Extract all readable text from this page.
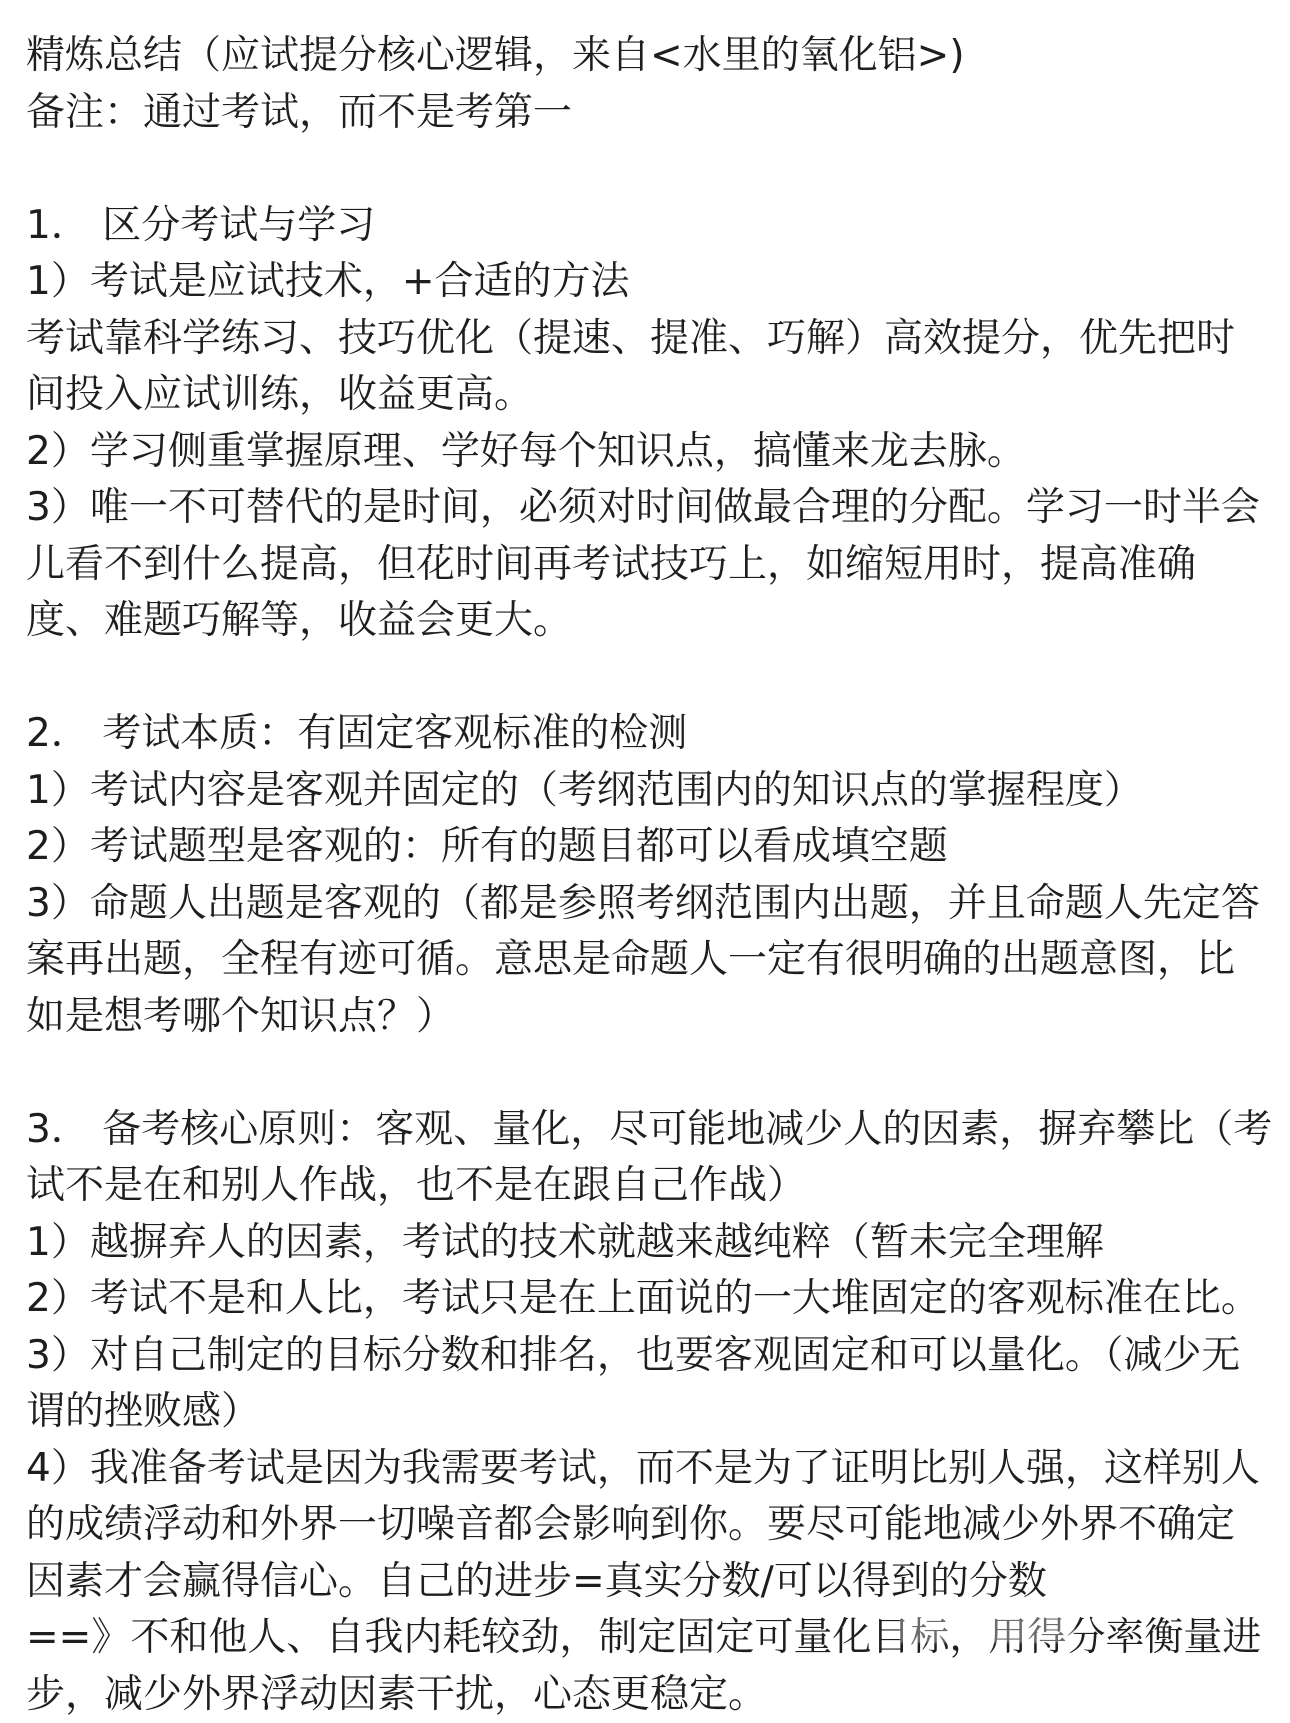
精炼总结（应试提分核心逻辑，来自<水里的氧化铝>)
备注：通过考试，而不是考第一
1． 区分考试与学习
1）考试是应试技术，+合适的方法
考试靠科学练习、技巧优化（提速、提准、巧解）高效提分，优先把时
间投入应试训练，收益更高。
2）学习侧重掌握原理、学好每个知识点，搞懂来龙去脉。
3）唯一不可替代的是时间，必须对时间做最合理的分配。学习一时半会
儿看不到什么提高，但花时间再考试技巧上，如缩短用时，提高准确
度、难题巧解等，收益会更大。
2． 考试本质：有固定客观标准的检测
1）考试内容是客观并固定的（考纲范围内的知识点的掌握程度）
2）考试题型是客观的：所有的题目都可以看成填空题
3）命题人出题是客观的（都是参照考纲范围内出题，并且命题人先定答
案再出题，全程有迹可循。意思是命题人一定有很明确的出题意图，比
如是想考哪个知识点？）
3． 备考核心原则：客观、量化，尽可能地减少人的因素，摒弃攀比（考
试不是在和别人作战，也不是在跟自己作战）
1）越摒弃人的因素，考试的技术就越来越纯粹（暂未完全理解
2）考试不是和人比，考试只是在上面说的一大堆固定的客观标准在比。
3）对自己制定的目标分数和排名，也要客观固定和可以量化。（减少无
谓的挫败感）
4）我准备考试是因为我需要考试，而不是为了证明比别人强，这样别人
的成绩浮动和外界一切噪音都会影响到你。要尽可能地减少外界不确定
因素才会赢得信心。自己的进步=真实分数/可以得到的分数
==》不和他人、自我内耗较劲，制定固定可量化目标，用得分率衡量进
步，减少外界浮动因素干扰，心态更稳定。
